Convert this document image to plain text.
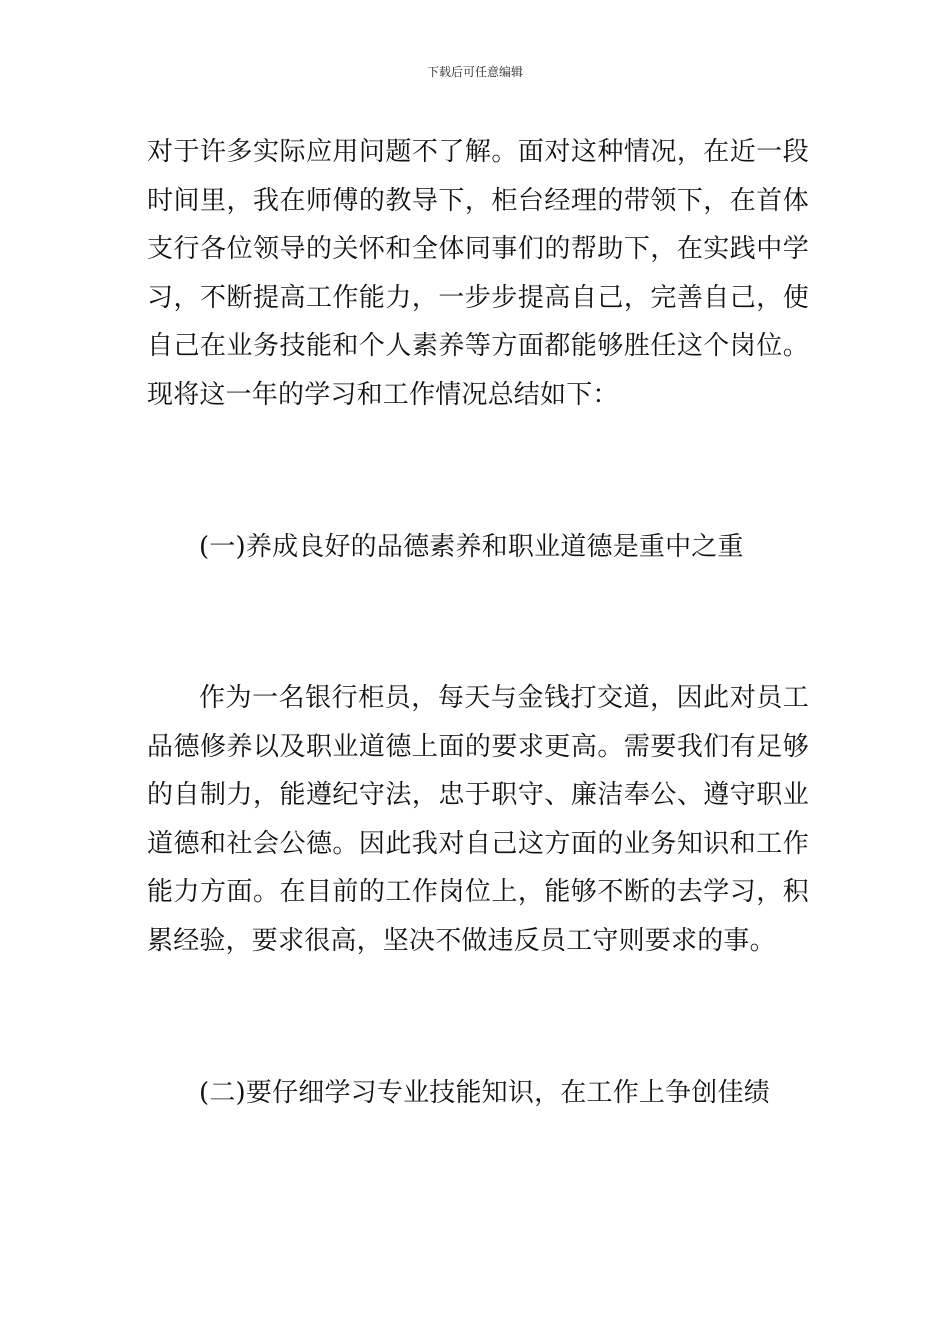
下载后可任意编辑

对于许多实际应用问题不了解。面对这种情况，在近一段时间里，我在师傅的教导下，柜台经理的带领下，在首体支行各位领导的关怀和全体同事们的帮助下，在实践中学习，不断提高工作能力，一步步提高自己，完善自己，使自己在业务技能和个人素养等方面都能够胜任这个岗位。现将这一年的学习和工作情况总结如下：

(一)养成良好的品德素养和职业道德是重中之重

作为一名银行柜员，每天与金钱打交道，因此对员工品德修养以及职业道德上面的要求更高。需要我们有足够的自制力，能遵纪守法，忠于职守、廉洁奉公、遵守职业道德和社会公德。因此我对自己这方面的业务知识和工作能力方面。在目前的工作岗位上，能够不断的去学习，积累经验，要求很高，坚决不做违反员工守则要求的事。

(二)要仔细学习专业技能知识，在工作上争创佳绩
